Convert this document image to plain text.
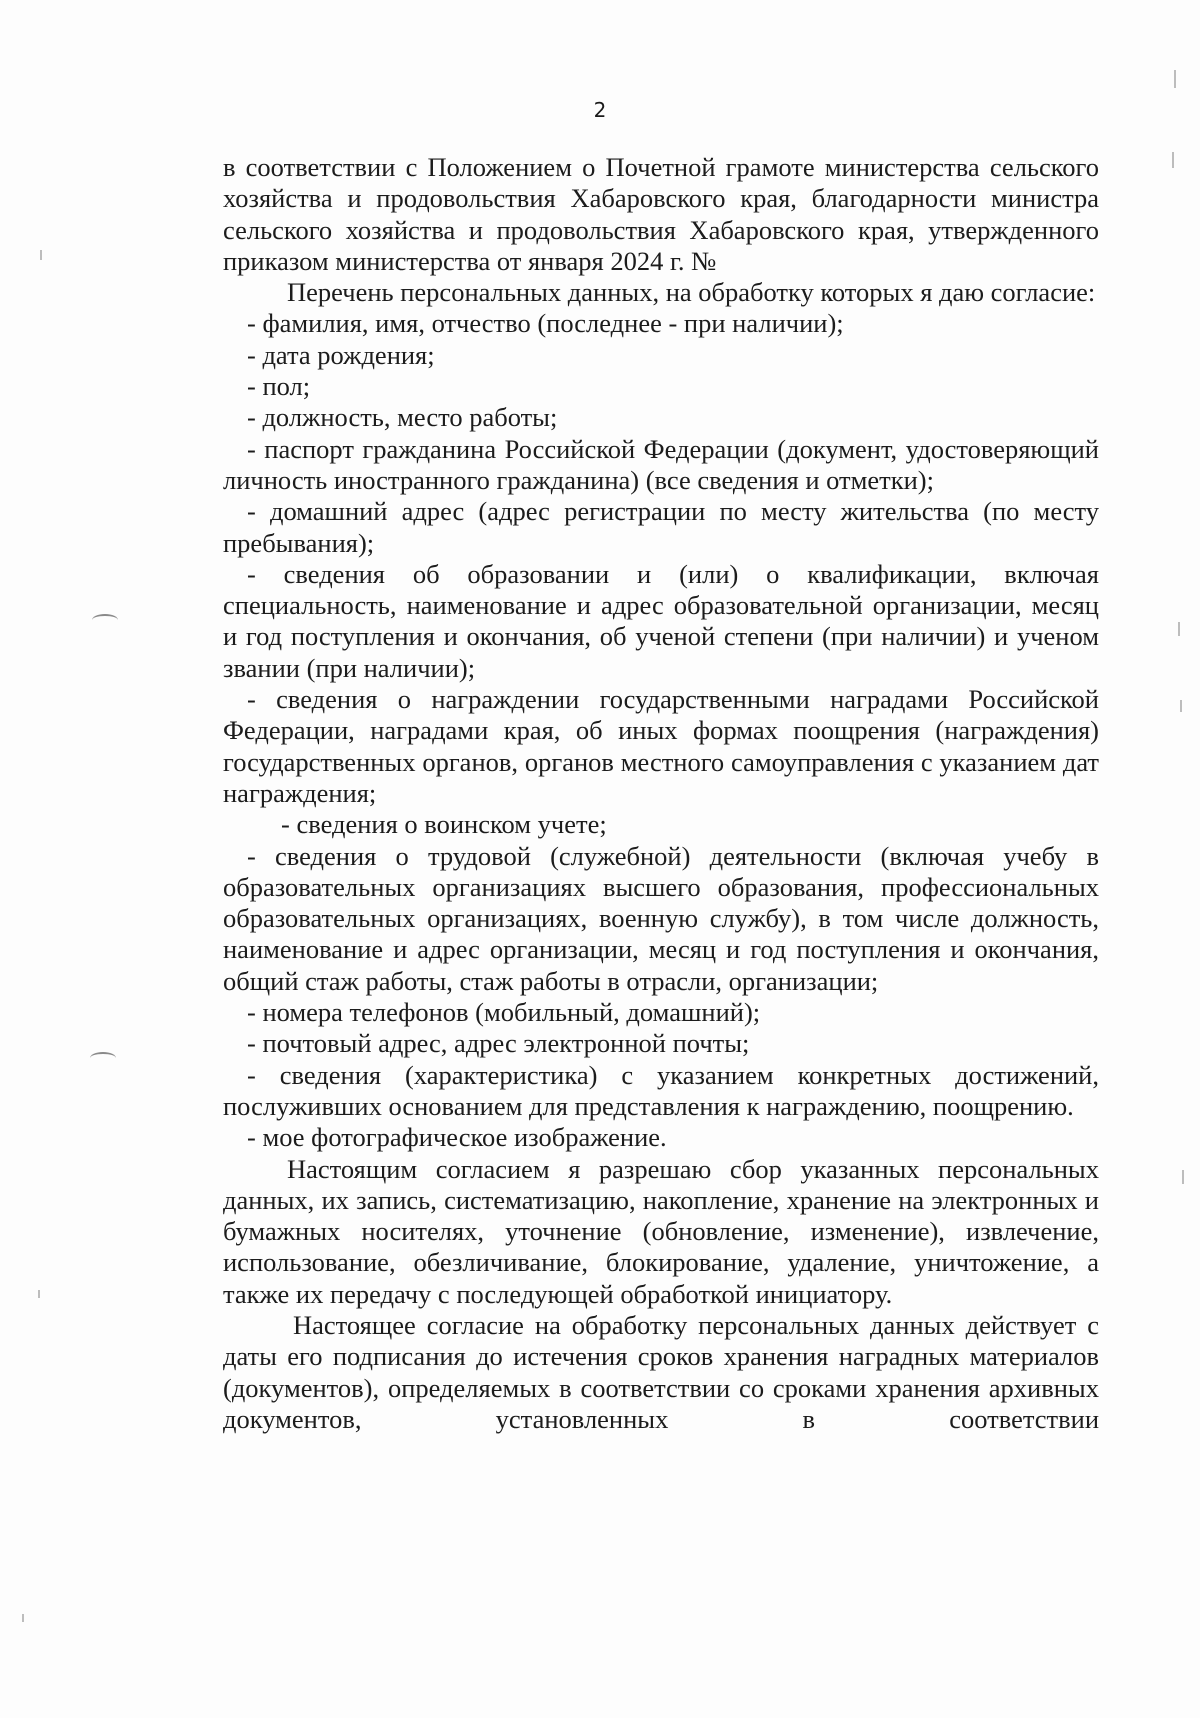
2

в соответствии с Положением о Почетной грамоте министерства сельского хозяйства и продовольствия Хабаровского края, благодарности министра сельского хозяйства и продовольствия Хабаровского края, утвержденного приказом министерства от января 2024 г. №

Перечень персональных данных, на обработку которых я даю согласие:

- фамилия, имя, отчество (последнее - при наличии);

- дата рождения;

- пол;

- должность, место работы;

- паспорт гражданина Российской Федерации (документ, удостоверяющий личность иностранного гражданина) (все сведения и отметки);

- домашний адрес (адрес регистрации по месту жительства (по месту пребывания);

- сведения об образовании и (или) о квалификации, включая специальность, наименование и адрес образовательной организации, месяц и год поступления и окончания, об ученой степени (при наличии) и ученом звании (при наличии);

- сведения о награждении государственными наградами Российской Федерации, наградами края, об иных формах поощрения (награждения) государственных органов, органов местного самоуправления с указанием дат награждения;

- сведения о воинском учете;

- сведения о трудовой (служебной) деятельности (включая учебу в образовательных организациях высшего образования, профессиональных образовательных организациях, военную службу), в том числе должность, наименование и адрес организации, месяц и год поступления и окончания, общий стаж работы, стаж работы в отрасли, организации;

- номера телефонов (мобильный, домашний);

- почтовый адрес, адрес электронной почты;

- сведения (характеристика) с указанием конкретных достижений, послуживших основанием для представления к награждению, поощрению.

- мое фотографическое изображение.

Настоящим согласием я разрешаю сбор указанных персональных данных, их запись, систематизацию, накопление, хранение на электронных и бумажных носителях, уточнение (обновление, изменение), извлечение, использование, обезличивание, блокирование, удаление, уничтожение, а также их передачу с последующей обработкой инициатору.

Настоящее согласие на обработку персональных данных действует с даты его подписания до истечения сроков хранения наградных материалов (документов), определяемых в соответствии со сроками хранения архивных документов, установленных в соответствии
